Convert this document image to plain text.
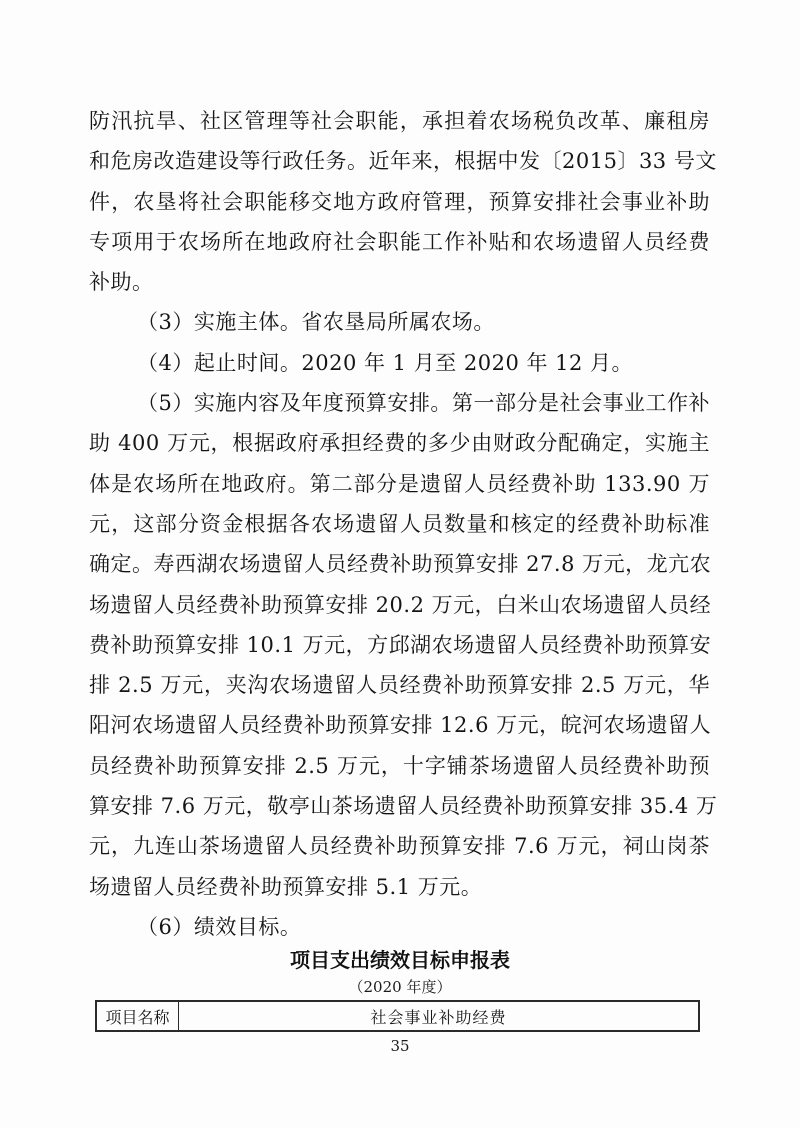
防汛抗旱、社区管理等社会职能，承担着农场税负改革、廉租房
和危房改造建设等行政任务。近年来，根据中发〔2015〕33 号文
件，农垦将社会职能移交地方政府管理，预算安排社会事业补助
专项用于农场所在地政府社会职能工作补贴和农场遗留人员经费
补助。
（3）实施主体。省农垦局所属农场。
（4）起止时间。2020 年 1 月至 2020 年 12 月。
（5）实施内容及年度预算安排。第一部分是社会事业工作补
助 400 万元，根据政府承担经费的多少由财政分配确定，实施主
体是农场所在地政府。第二部分是遗留人员经费补助 133.90 万
元，这部分资金根据各农场遗留人员数量和核定的经费补助标准
确定。寿西湖农场遗留人员经费补助预算安排 27.8 万元，龙亢农
场遗留人员经费补助预算安排 20.2 万元，白米山农场遗留人员经
费补助预算安排 10.1 万元，方邱湖农场遗留人员经费补助预算安
排 2.5 万元，夹沟农场遗留人员经费补助预算安排 2.5 万元，华
阳河农场遗留人员经费补助预算安排 12.6 万元，皖河农场遗留人
员经费补助预算安排 2.5 万元，十字铺茶场遗留人员经费补助预
算安排 7.6 万元，敬亭山茶场遗留人员经费补助预算安排 35.4 万
元，九连山茶场遗留人员经费补助预算安排 7.6 万元，祠山岗茶
场遗留人员经费补助预算安排 5.1 万元。
（6）绩效目标。
项目支出绩效目标申报表
（2020 年度）
项目名称	社会事业补助经费
35
